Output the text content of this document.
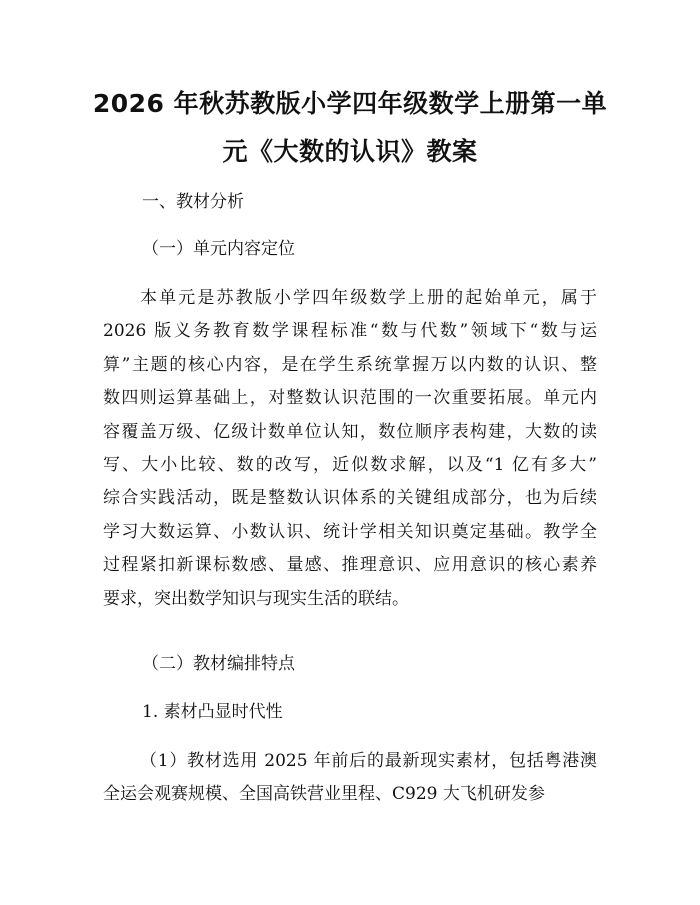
2026 年秋苏教版小学四年级数学上册第一单
元《大数的认识》教案

一、教材分析

（一）单元内容定位

本单元是苏教版小学四年级数学上册的起始单元，属于
2026 版义务教育数学课程标准“数与代数”领域下“数与运
算”主题的核心内容，是在学生系统掌握万以内数的认识、整
数四则运算基础上，对整数认识范围的一次重要拓展。单元内
容覆盖万级、亿级计数单位认知，数位顺序表构建，大数的读
写、大小比较、数的改写，近似数求解，以及“1 亿有多大”
综合实践活动，既是整数认识体系的关键组成部分，也为后续
学习大数运算、小数认识、统计学相关知识奠定基础。教学全
过程紧扣新课标数感、量感、推理意识、应用意识的核心素养
要求，突出数学知识与现实生活的联结。

（二）教材编排特点

1. 素材凸显时代性

（1）教材选用 2025 年前后的最新现实素材，包括粤港澳
全运会观赛规模、全国高铁营业里程、C929 大飞机研发参
